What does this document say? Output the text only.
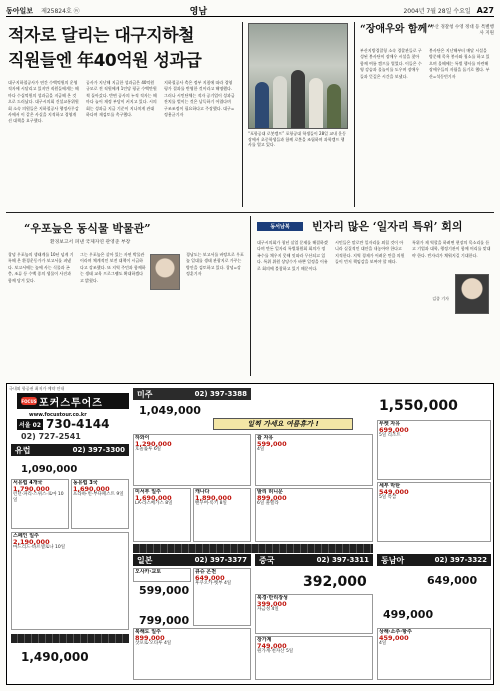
동아일보 제25824호 ⓦ	영남	2004년 7월 28일 수요일 A27
적자로 달리는 대구지하철
직원들엔 年40억원 성과급
대구지하철공사가 연간 수백억원의 운영적자에 시달리고 있지만 직원들에게는 해마다 수십억원의 성과급을 지급해 온 것으로 드러났다. 대구시의회 건설교통위원회 소속 의원들은 지하철공사 행정사무감사에서 이 같은 사실을 지적하고 경영개선 대책을 요구했다.
공사가 지난해 지급한 성과급은 40억원 규모로 전 직원에게 1인당 평균 수백만원씩 돌아갔다. 반면 공사의 누적 적자는 해마다 늘어 재정 부담이 커지고 있다. 시의회는 성과급 지급 기준이 지나치게 관대하다며 재검토를 촉구했다.
지하철공사 측은 정부 지침에 따라 경영평가 결과를 반영한 것이라고 해명했다. 그러나 시민단체는 적자 공기업이 성과급 잔치를 벌이는 것은 납득하기 어렵다며 구조조정이 필요하다고 주장했다. 대구=정용균기자
“포항공대 로봇캠프” 포항공대 학생들이 28일 교내 운동장에서 초중학생들과 함께 로봇을 조립하며 과학캠프 행사를 열고 있다.
“장애우와 함께”
부산 경찰청 수영 정대 등 특별행사 지원
부산지방경찰청 소속 경찰관들로 구성된 봉사단이 장애우 시설을 찾아 함께 여름 캠프를 열었다. 이들은 수영 강습과 물놀이를 도우며 장애우들과 뜻깊은 시간을 보냈다.
봉사단은 지난해부터 매달 시설을 방문해 목욕 봉사와 청소를 하고 있으며 올해에는 특별 행사를 마련해 장애우들의 자립을 돕기로 했다. 부산=석동빈기자
“우포늪은 동식물 박물관”
환경보고서 펴낸 국제자연 관영준 부장
창녕 우포늪의 생태계를 10년 넘게 기록해 온 환경운동가가 보고서를 펴냈다. 보고서에는 늪에 사는 식물과 곤충, 조류 등 수백 종의 생물이 사진과 함께 담겨 있다.
그는 우포늪은 살아 있는 자연 박물관이라며 체계적인 보전 대책이 시급하다고 강조했다. 또 지역 주민과 함께하는 생태 교육 프로그램도 확대하겠다고 밝혔다.
경남도는 보고서를 바탕으로 우포늪 일대를 생태 관광지로 가꾸는 방안을 검토하고 있다. 창녕=강정훈기자
동서남북	빈자리 많은 ‘일자리 특위’ 회의
대구시의회가 청년 실업 문제를 해결하겠다며 만든 일자리 특별위원회 회의가 정족수를 채우지 못해 잇따라 무산되고 있다. 특위 위원 상당수가 바쁜 일정을 이유로 회의에 불참하고 있기 때문이다.
시민들은 말로만 일자리를 외칠 것이 아니라 실질적인 대안을 내놓아야 한다고 지적한다. 지역 경제가 어려운 만큼 의원들이 먼저 책임감을 보여야 할 때다.
특위가 제 역할을 하려면 현장의 목소리를 듣고 기업과 대학, 행정기관이 함께 머리를 맞대야 한다. 빈자리가 채워지길 기대한다.
김종 기자
국내외 항공권 최저가 예약 안내
포커스투어즈
FOCUS
www.focustour.co.kr
서울 02 730-4144
02) 727-2541
유럽	02) 397-3300
미주	02) 397-3388
일본	02) 397-3377 중국	02) 397-3311 동남아	02) 397-3322
일찍 가세요 여름휴가 !
1,550,000
1,490,000
1,049,000
799,000
599,000
392,000	649,000
499,000
1,090,000
서유럽 4개국
1,790,000
런던·파리·스위스·로마 10일
동유럽 3국
1,690,000
프라하·빈·부다페스트 9일
스페인 일주
2,190,000
마드리드·바르셀로나 10일
하와이
1,290,000
호놀룰루 6일
미서부 일주
1,690,000
LA·라스베가스 8일
캐나다
1,890,000
밴쿠버·록키 8일
괌 자유
599,000
4일
발리 허니문
899,000
6일 풀빌라
푸켓 자유
699,000
5일 리조트
세부 막탄
549,000
5일 특급
북해도 일주
899,000
삿포로·오타루 4일
오사카·교토	큐슈 온천
649,000
후쿠오카·벳부 4일
북경·만리장성
399,000
자금성 4일
장가계
749,000
원가계·천자산 5일
상해·소주·항주
459,000
4일
